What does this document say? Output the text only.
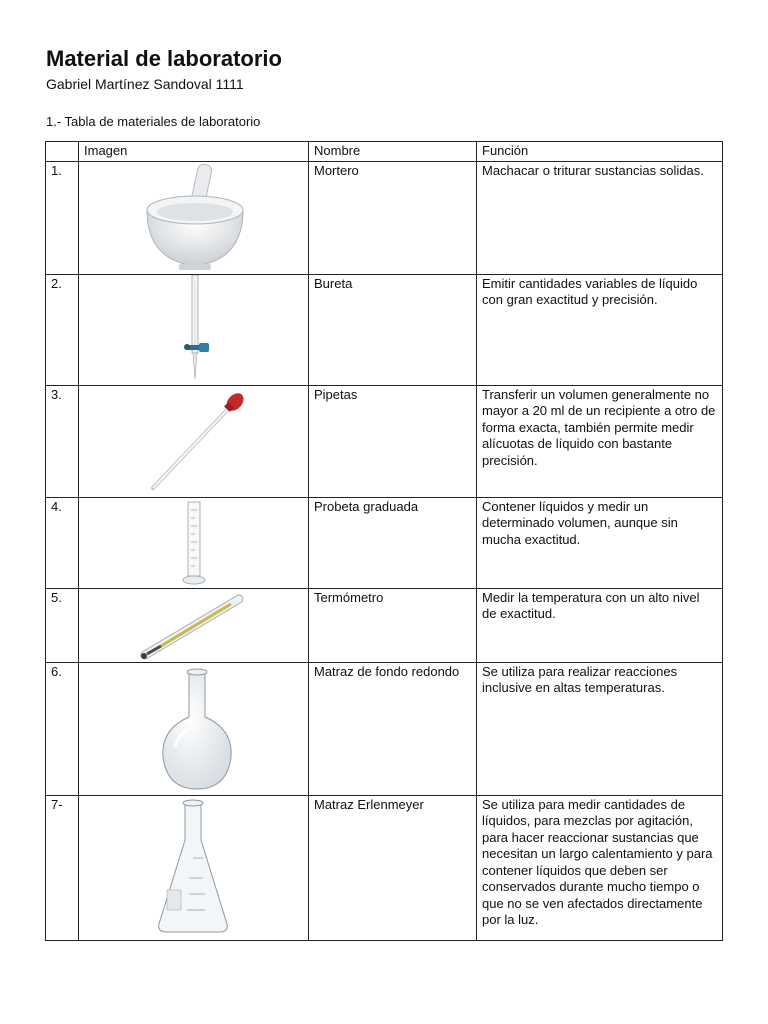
Material de laboratorio
Gabriel Martínez Sandoval 1111
1.- Tabla de materiales de laboratorio
	Imagen	Nombre	Función
1.		Mortero	Machacar o triturar sustancias solidas.
2.		Bureta	Emitir cantidades variables de líquido con gran exactitud y precisión.
3.		Pipetas	Transferir un volumen generalmente no mayor a 20 ml de un recipiente a otro de forma exacta, también permite medir alícuotas de líquido con bastante precisión.
4.		Probeta graduada	Contener líquidos y medir un determinado volumen, aunque sin mucha exactitud.
5.		Termómetro	Medir la temperatura con un alto nivel de exactitud.
6.		Matraz de fondo redondo	Se utiliza para realizar reacciones inclusive en altas temperaturas.
7-		Matraz Erlenmeyer	Se utiliza para medir cantidades de líquidos, para mezclas por agitación, para hacer reaccionar sustancias que necesitan un largo calentamiento y para contener líquidos que deben ser conservados durante mucho tiempo o que no se ven afectados directamente por la luz.
